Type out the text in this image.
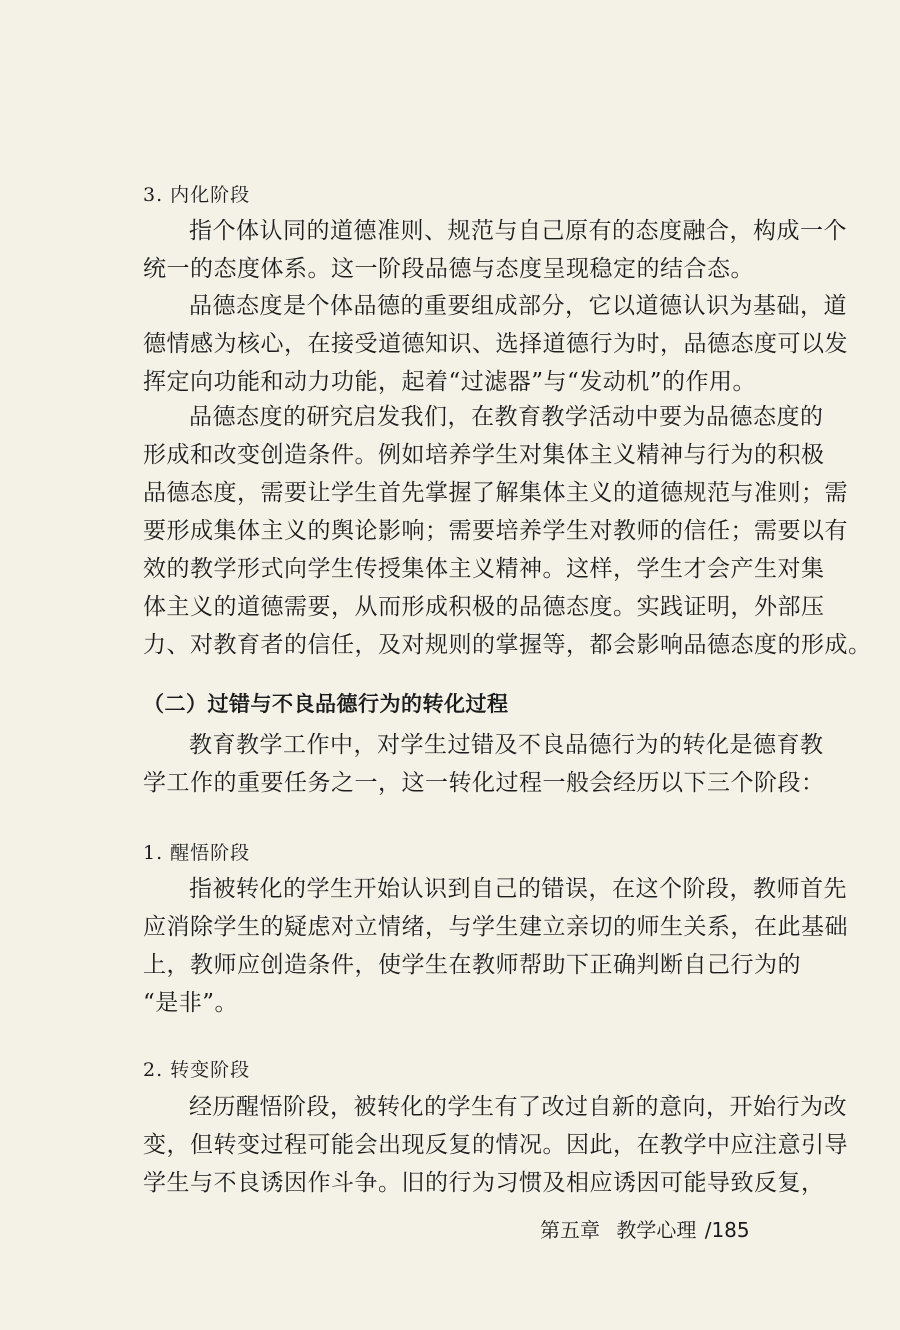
3. 内化阶段
指个体认同的道德准则、规范与自己原有的态度融合，构成一个
统一的态度体系。这一阶段品德与态度呈现稳定的结合态。
品德态度是个体品德的重要组成部分，它以道德认识为基础，道
德情感为核心，在接受道德知识、选择道德行为时，品德态度可以发
挥定向功能和动力功能，起着“过滤器”与“发动机”的作用。
品德态度的研究启发我们，在教育教学活动中要为品德态度的
形成和改变创造条件。例如培养学生对集体主义精神与行为的积极
品德态度，需要让学生首先掌握了解集体主义的道德规范与准则；需
要形成集体主义的舆论影响；需要培养学生对教师的信任；需要以有
效的教学形式向学生传授集体主义精神。这样，学生才会产生对集
体主义的道德需要，从而形成积极的品德态度。实践证明，外部压
力、对教育者的信任，及对规则的掌握等，都会影响品德态度的形成。
（二）过错与不良品德行为的转化过程
教育教学工作中，对学生过错及不良品德行为的转化是德育教
学工作的重要任务之一，这一转化过程一般会经历以下三个阶段：
1. 醒悟阶段
指被转化的学生开始认识到自己的错误，在这个阶段，教师首先
应消除学生的疑虑对立情绪，与学生建立亲切的师生关系，在此基础
上，教师应创造条件，使学生在教师帮助下正确判断自己行为的
“是非”。
2. 转变阶段
经历醒悟阶段，被转化的学生有了改过自新的意向，开始行为改
变，但转变过程可能会出现反复的情况。因此，在教学中应注意引导
学生与不良诱因作斗争。旧的行为习惯及相应诱因可能导致反复，
第五章 教学心理 /185
